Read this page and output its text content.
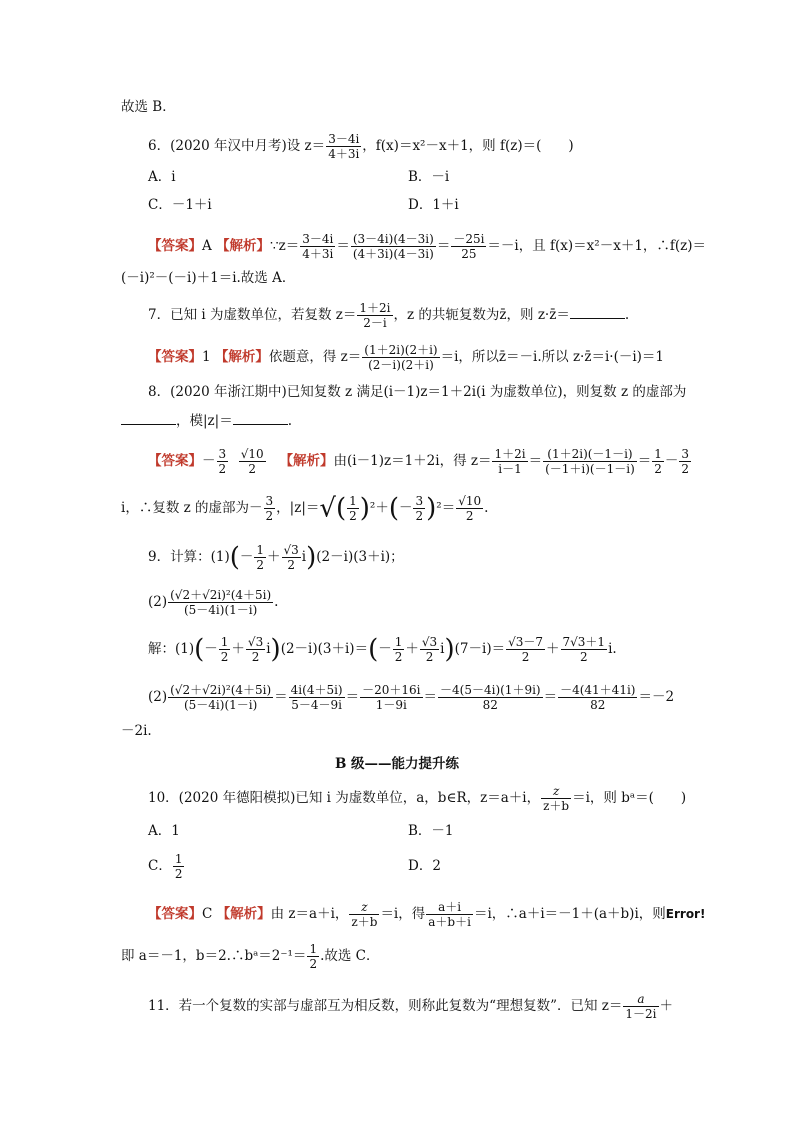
故选 B．
6．(2020 年汉中月考)设 $z= \frac{3-4i}{4+3i}$ ，f(x)＝x²－x＋1，则 f(z)＝(　　)
A．i	B．－i
C．－1＋i	D．1＋i
【答案】A 【解析】∵z＝ $\frac{3-4i}{4+3i} = \frac{(3-4i)(4-3i)}{(4+3i)(4-3i)} = \frac{-25i}{25} =-i$，且 f(x)＝x²－x＋1，∴f(z)＝
(－i)²－(－i)＋1＝i.故选 A．
7．已知 i 为虚数单位，若复数 $z= \frac{1+2i}{2-i}$ ，z 的共轭复数为z̄，则 z·z̄＝	.
【答案】1 【解析】依题意，得 $z= \frac{(1+2i)(2+i)}{(2-i)(2+i)} =i$，所以z̄＝－i.所以 z·z̄＝i·(－i)＝1
8．(2020 年浙江期中)已知复数 z 满足(i－1)z＝1＋2i(i 为虚数单位)，则复数 z 的虚部为
，模|z|＝	.
【答案】－ $\frac{3}{2}$
$\frac{√10}{2}$ 【解析】由(i－1)z＝1＋2i，得 $z= \frac{1+2i}{i-1} = \frac{(1+2i)(-1-i)}{(-1+i)(-1-i)} = \frac{1}{2} - \frac{3}{2}$
i，∴复数 z 的虚部为－ $\frac{3}{2}$ ，$|z|=√( \frac{1}{2} )^2+(- \frac{3}{2} )^2= \frac{√10}{2}$ .
9．计算：$(1)(- \frac{1}{2} + \frac{√3}{2} i)(2-i)(3+i)$；
$(2) \frac{\text{(√2＋√2i)²(4＋5i)}}{(5-4i)(1-i)}$ .
解：$(1)(- \frac{1}{2} + \frac{√3}{2} i)(2-i)(3+i)=(- \frac{1}{2} + \frac{√3}{2} i)(7-i)= \frac{√3-7}{2} + \frac{7√3+1}{2} i$.
$(2) \frac{\text{(√2＋√2i)²(4＋5i)}}{(5-4i)(1-i)} = \frac{4i(4+5i)}{5-4-9i} = \frac{-20+16i}{1-9i} = \frac{-4(5-4i)(1+9i)}{82} = \frac{-4(41+41i)}{82} =-2$
－2i.
B 级——能力提升练
10．(2020 年德阳模拟)已知 i 为虚数单位，a，b∈R，z＝a＋i， $\frac{z}{z+b} =i$，则 bᵃ＝(　　)
A．1	B．－1
C． $\frac{1}{2}$	D．2
【答案】C 【解析】由 z＝a＋i， $\frac{z}{z+b} =i$，得 $\frac{a+i}{a+b+i} =i$，∴a＋i＝－1＋(a＋b)i，则Error!
即 a＝－1，b＝2.∴bᵃ＝2⁻¹＝ $\frac{1}{2}$ .故选 C．
11．若一个复数的实部与虚部互为相反数，则称此复数为“理想复数”．已知 $z= \frac{a}{1-2i}$ ＋
